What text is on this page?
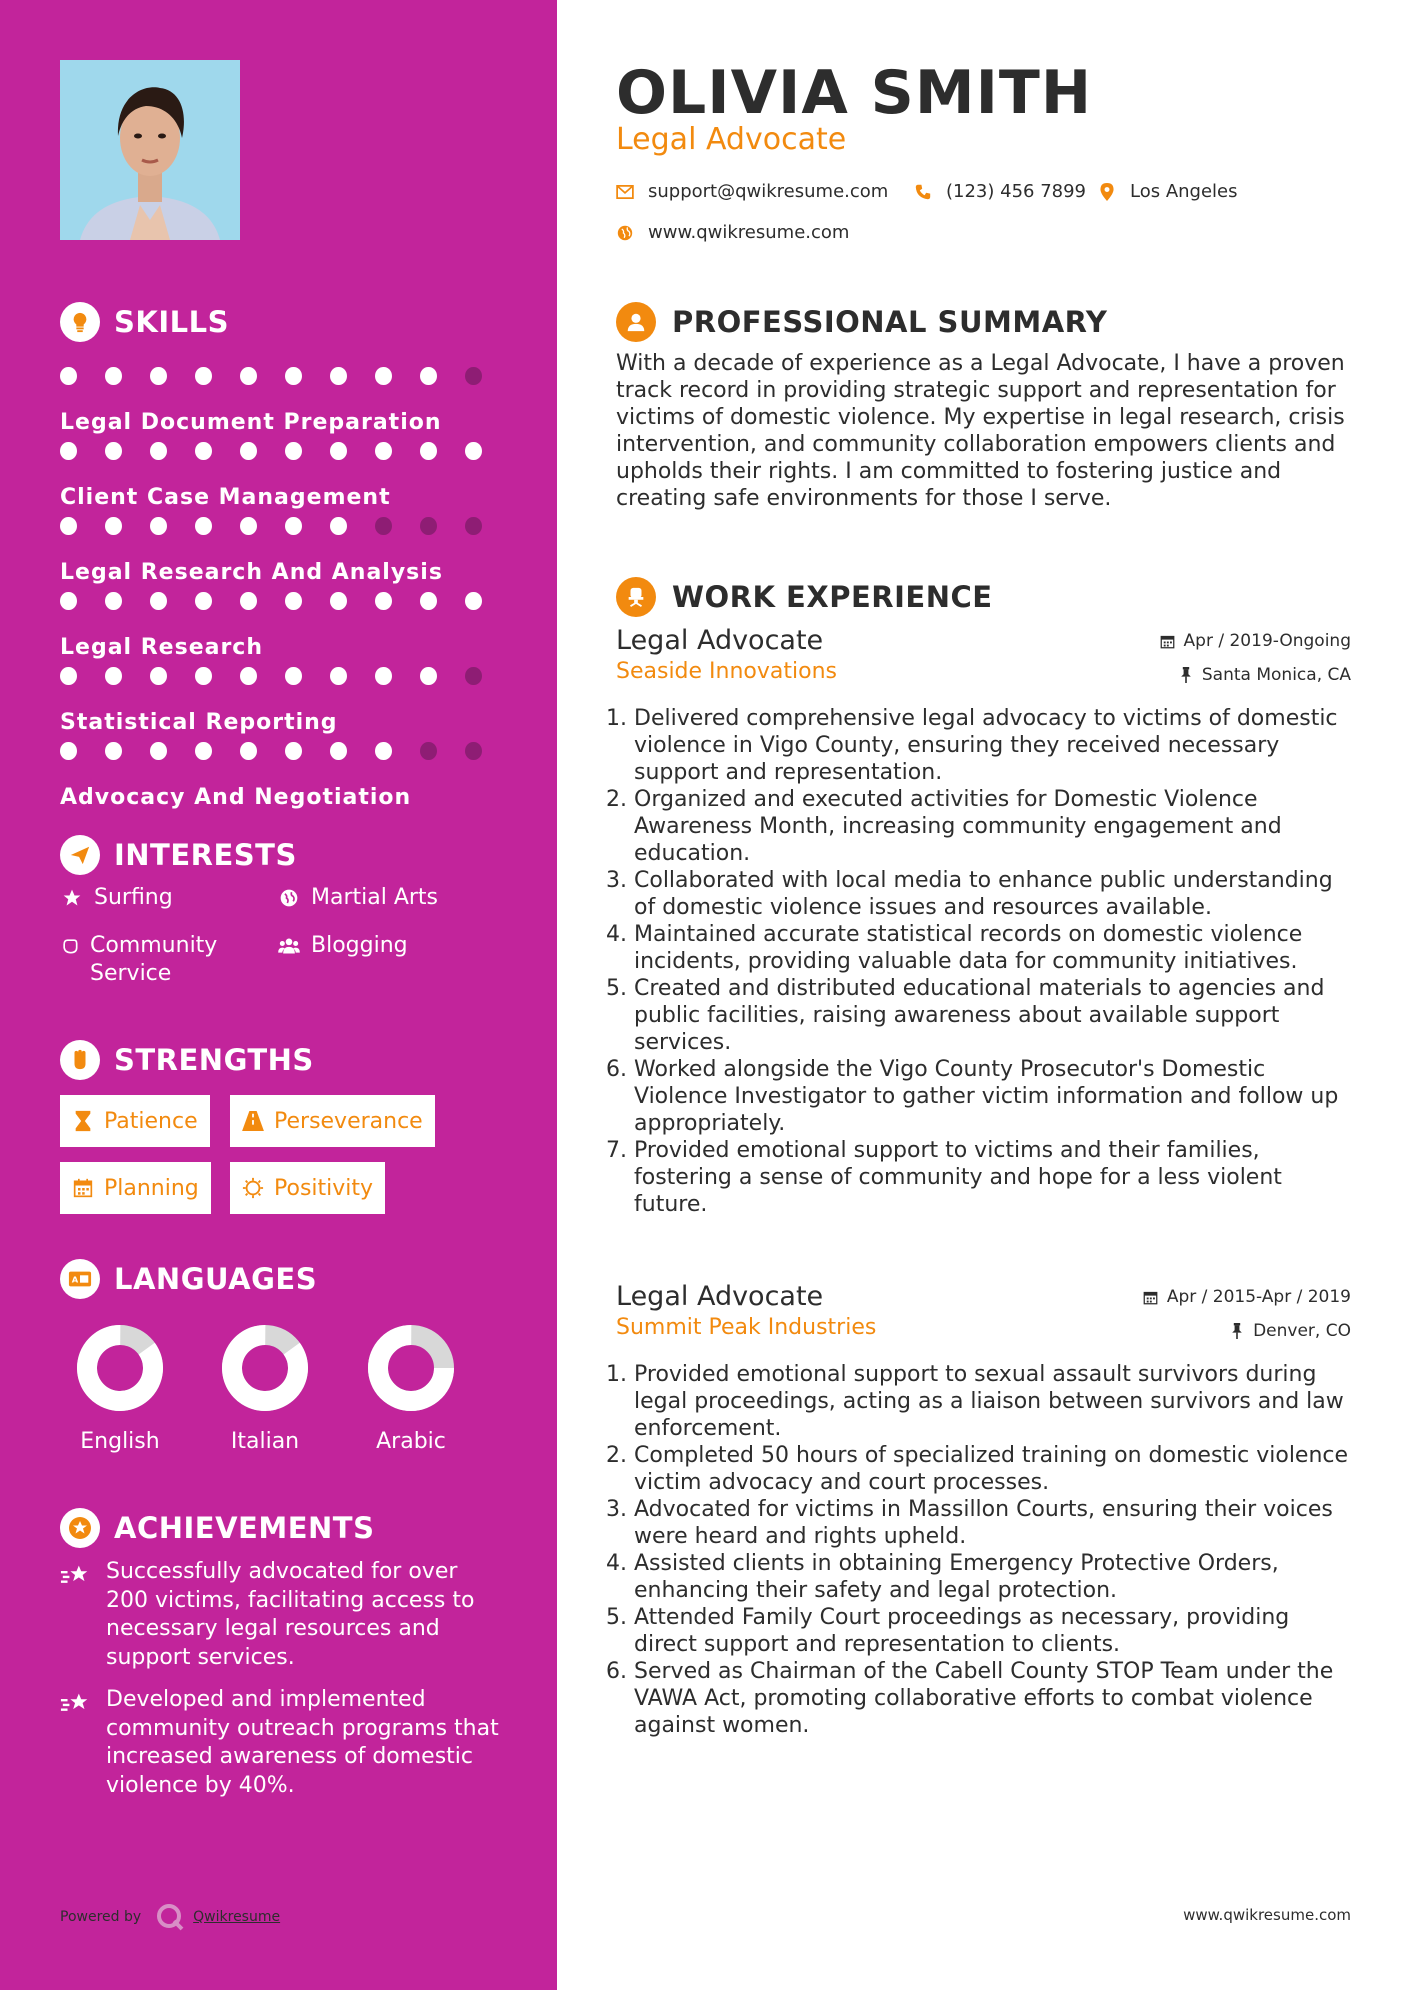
SKILLS
Legal Document Preparation
Client Case Management
Legal Research And Analysis
Legal Research
Statistical Reporting
Advocacy And Negotiation
INTERESTS
Surfing	Martial Arts
Community Service
Blogging
STRENGTHS
Patience	Perseverance
Planning	Positivity
A LANGUAGES
English	Italian	Arabic
ACHIEVEMENTS
Successfully advocated for over 200 victims, facilitating access to necessary legal resources and support services.
Developed and implemented community outreach programs that increased awareness of domestic violence by 40%.
Powered by	Qwikresume
OLIVIA SMITH
Legal Advocate
support@qwikresume.com	(123) 456 7899 Los Angeles
www.qwikresume.com
PROFESSIONAL SUMMARY
With a decade of experience as a Legal Advocate, I have a proven track record in providing strategic support and representation for victims of domestic violence. My expertise in legal research, crisis intervention, and community collaboration empowers clients and upholds their rights. I am committed to fostering justice and creating safe environments for those I serve.
WORK EXPERIENCE
Legal Advocate	Apr / 2019-Ongoing
Seaside Innovations	Santa Monica, CA
1. Delivered comprehensive legal advocacy to victims of domestic violence in Vigo County, ensuring they received necessary support and representation.
2. Organized and executed activities for Domestic Violence Awareness Month, increasing community engagement and education.
3. Collaborated with local media to enhance public understanding of domestic violence issues and resources available.
4. Maintained accurate statistical records on domestic violence incidents, providing valuable data for community initiatives.
5. Created and distributed educational materials to agencies and public facilities, raising awareness about available support services.
6. Worked alongside the Vigo County Prosecutor's Domestic Violence Investigator to gather victim information and follow up appropriately.
7. Provided emotional support to victims and their families, fostering a sense of community and hope for a less violent future.
Legal Advocate	Apr / 2015-Apr / 2019
Summit Peak Industries	Denver, CO
1. Provided emotional support to sexual assault survivors during legal proceedings, acting as a liaison between survivors and law enforcement.
2. Completed 50 hours of specialized training on domestic violence victim advocacy and court processes.
3. Advocated for victims in Massillon Courts, ensuring their voices were heard and rights upheld.
4. Assisted clients in obtaining Emergency Protective Orders, enhancing their safety and legal protection.
5. Attended Family Court proceedings as necessary, providing direct support and representation to clients.
6. Served as Chairman of the Cabell County STOP Team under the VAWA Act, promoting collaborative efforts to combat violence against women.
www.qwikresume.com
